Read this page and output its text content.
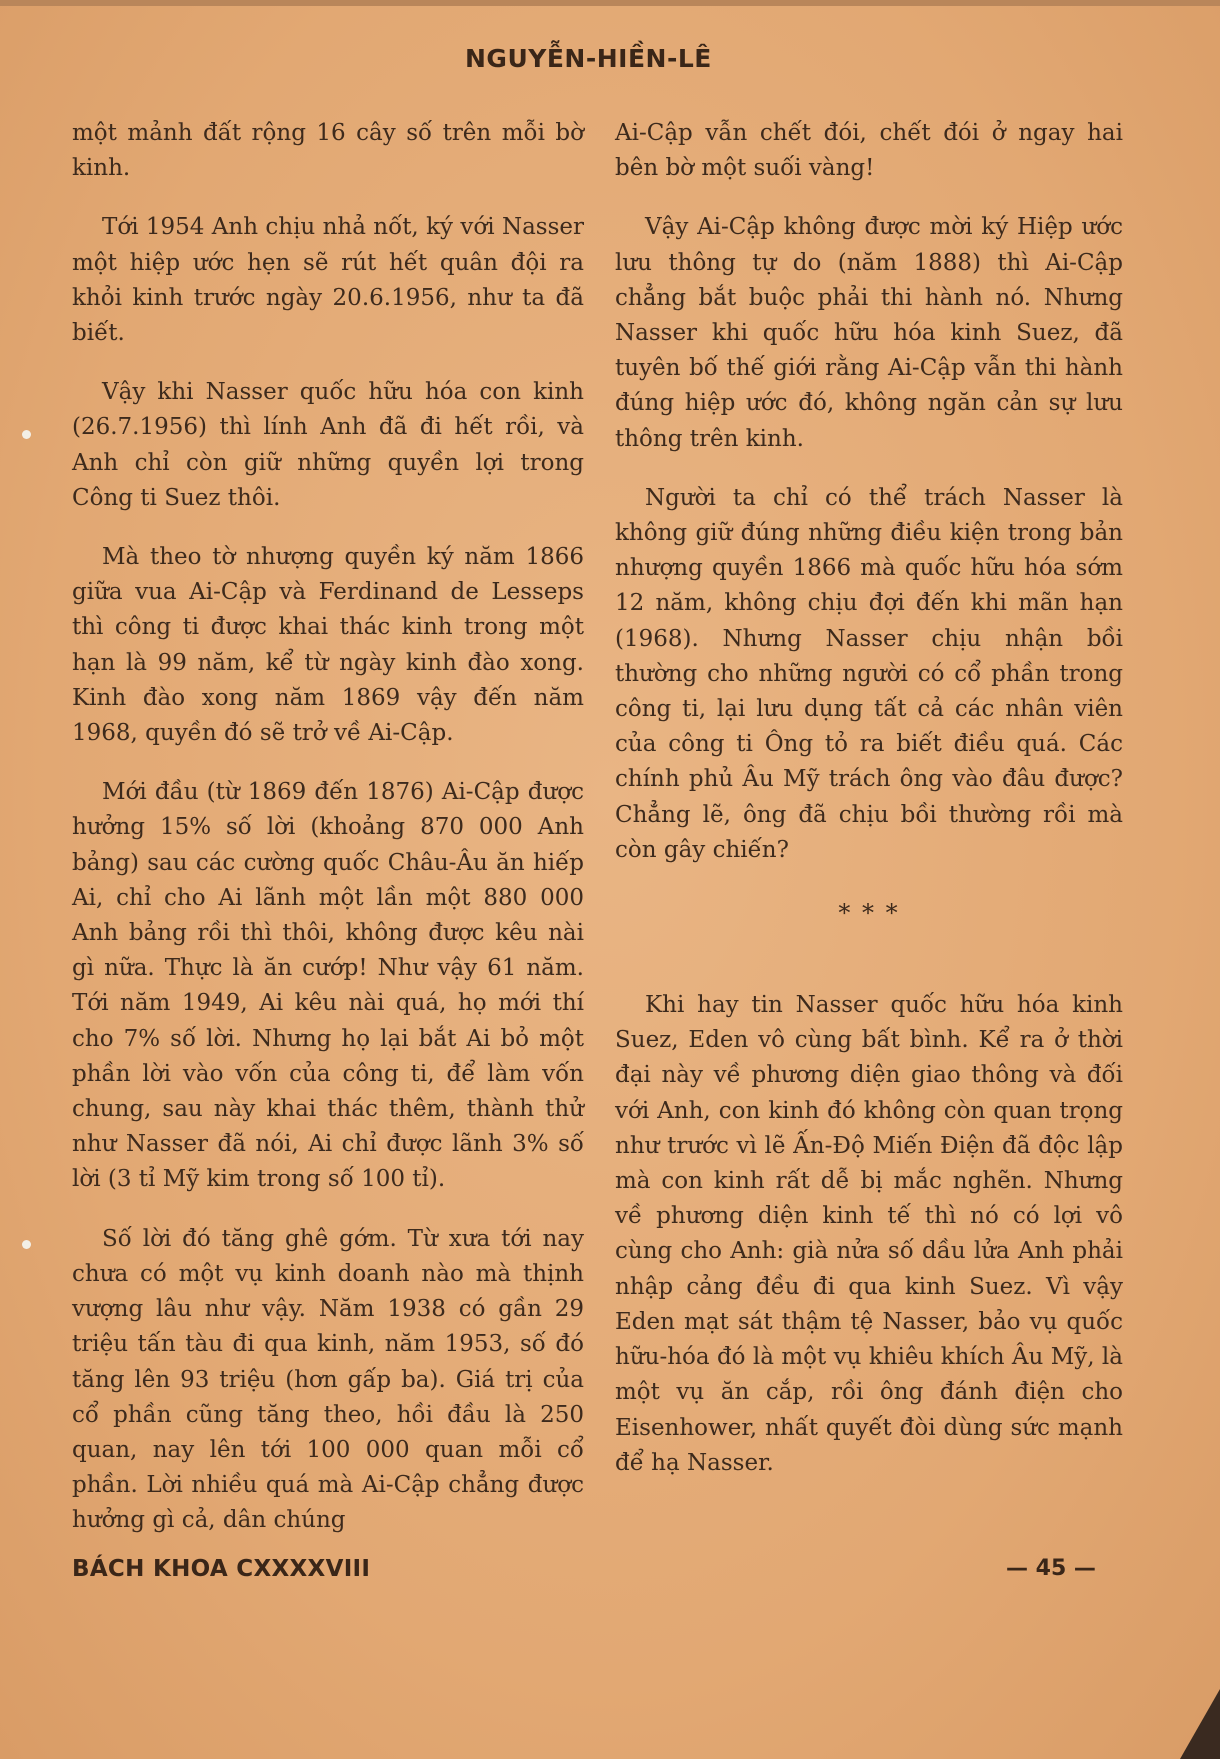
NGUYỄN-HIỀN-LÊ

một mảnh đất rộng 16 cây số trên mỗi bờ kinh.

Tới 1954 Anh chịu nhả nốt, ký với Nasser một hiệp ước hẹn sẽ rút hết quân đội ra khỏi kinh trước ngày 20.6.1956, như ta đã biết.

Vậy khi Nasser quốc hữu hóa con kinh (26.7.1956) thì lính Anh đã đi hết rồi, và Anh chỉ còn giữ những quyền lợi trong Công ti Suez thôi.

Mà theo tờ nhượng quyền ký năm 1866 giữa vua Ai-Cập và Ferdinand de Lesseps thì công ti được khai thác kinh trong một hạn là 99 năm, kể từ ngày kinh đào xong. Kinh đào xong năm 1869 vậy đến năm 1968, quyền đó sẽ trở về Ai-Cập.

Mới đầu (từ 1869 đến 1876) Ai-Cập được hưởng 15% số lời (khoảng 870 000 Anh bảng) sau các cường quốc Châu-Âu ăn hiếp Ai, chỉ cho Ai lãnh một lần một 880 000 Anh bảng rồi thì thôi, không được kêu nài gì nữa. Thực là ăn cướp! Như vậy 61 năm. Tới năm 1949, Ai kêu nài quá, họ mới thí cho 7% số lời. Nhưng họ lại bắt Ai bỏ một phần lời vào vốn của công ti, để làm vốn chung, sau này khai thác thêm, thành thử như Nasser đã nói, Ai chỉ được lãnh 3% số lời (3 tỉ Mỹ kim trong số 100 tỉ).

Số lời đó tăng ghê gớm. Từ xưa tới nay chưa có một vụ kinh doanh nào mà thịnh vượng lâu như vậy. Năm 1938 có gần 29 triệu tấn tàu đi qua kinh, năm 1953, số đó tăng lên 93 triệu (hơn gấp ba). Giá trị của cổ phần cũng tăng theo, hồi đầu là 250 quan, nay lên tới 100 000 quan mỗi cổ phần. Lời nhiều quá mà Ai-Cập chẳng được hưởng gì cả, dân chúng

Ai-Cập vẫn chết đói, chết đói ở ngay hai bên bờ một suối vàng!

Vậy Ai-Cập không được mời ký Hiệp ước lưu thông tự do (năm 1888) thì Ai-Cập chẳng bắt buộc phải thi hành nó. Nhưng Nasser khi quốc hữu hóa kinh Suez, đã tuyên bố thế giới rằng Ai-Cập vẫn thi hành đúng hiệp ước đó, không ngăn cản sự lưu thông trên kinh.

Người ta chỉ có thể trách Nasser là không giữ đúng những điều kiện trong bản nhượng quyền 1866 mà quốc hữu hóa sớm 12 năm, không chịu đợi đến khi mãn hạn (1968). Nhưng Nasser chịu nhận bồi thường cho những người có cổ phần trong công ti, lại lưu dụng tất cả các nhân viên của công ti Ông tỏ ra biết điều quá. Các chính phủ Âu Mỹ trách ông vào đâu được? Chẳng lẽ, ông đã chịu bồi thường rồi mà còn gây chiến?

* * *

Khi hay tin Nasser quốc hữu hóa kinh Suez, Eden vô cùng bất bình. Kể ra ở thời đại này về phương diện giao thông và đối với Anh, con kinh đó không còn quan trọng như trước vì lẽ Ấn-Độ Miến Điện đã độc lập mà con kinh rất dễ bị mắc nghẽn. Nhưng về phương diện kinh tế thì nó có lợi vô cùng cho Anh: già nửa số dầu lửa Anh phải nhập cảng đều đi qua kinh Suez. Vì vậy Eden mạt sát thậm tệ Nasser, bảo vụ quốc hữu-hóa đó là một vụ khiêu khích Âu Mỹ, là một vụ ăn cắp, rồi ông đánh điện cho Eisenhower, nhất quyết đòi dùng sức mạnh để hạ Nasser.

BÁCH KHOA CXXXXVIII	— 45 —
